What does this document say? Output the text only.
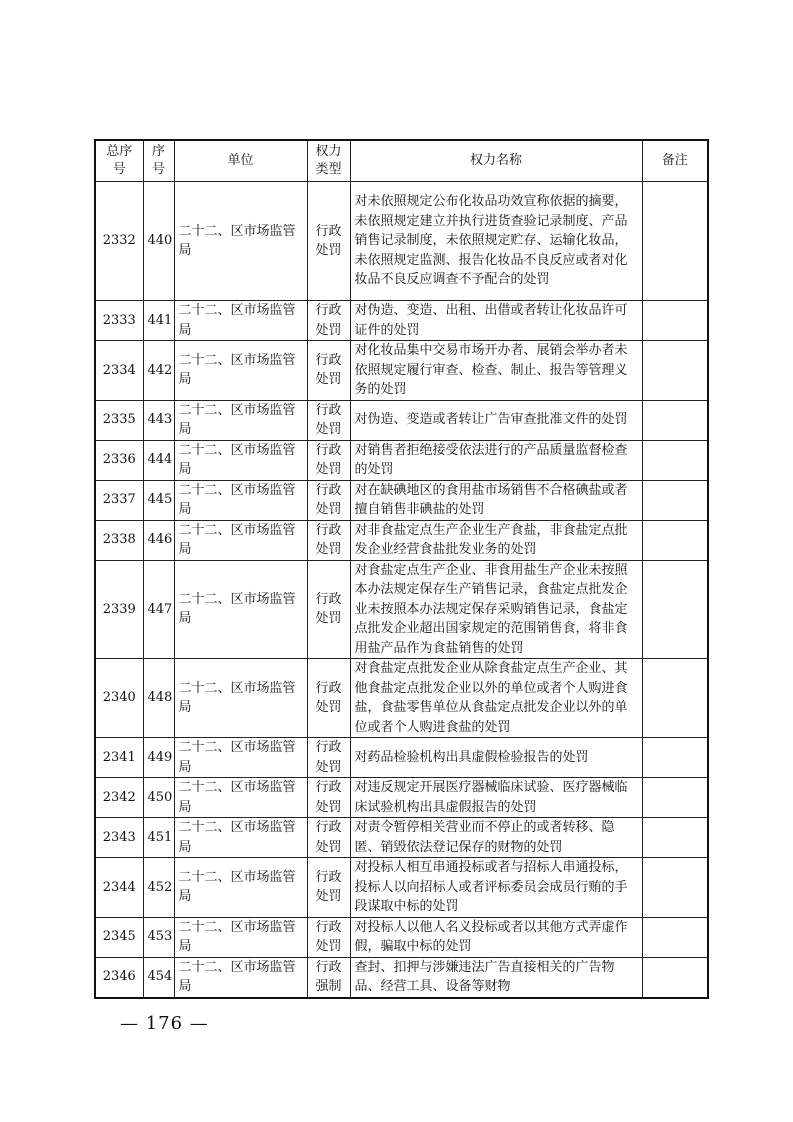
总序号	序号	单位	权力类型	权力名称	备注
2332	440	二十二、区市场监管局	行政处罚	对未依照规定公布化妆品功效宣称依据的摘要，未依照规定建立并执行进货查验记录制度、产品销售记录制度，未依照规定贮存、运输化妆品，未依照规定监测、报告化妆品不良反应或者对化妆品不良反应调查不予配合的处罚	
2333	441	二十二、区市场监管局	行政处罚	对伪造、变造、出租、出借或者转让化妆品许可证件的处罚	
2334	442	二十二、区市场监管局	行政处罚	对化妆品集中交易市场开办者、展销会举办者未依照规定履行审查、检查、制止、报告等管理义务的处罚	
2335	443	二十二、区市场监管局	行政处罚	对伪造、变造或者转让广告审查批准文件的处罚	
2336	444	二十二、区市场监管局	行政处罚	对销售者拒绝接受依法进行的产品质量监督检查的处罚	
2337	445	二十二、区市场监管局	行政处罚	对在缺碘地区的食用盐市场销售不合格碘盐或者擅自销售非碘盐的处罚	
2338	446	二十二、区市场监管局	行政处罚	对非食盐定点生产企业生产食盐，非食盐定点批发企业经营食盐批发业务的处罚	
2339	447	二十二、区市场监管局	行政处罚	对食盐定点生产企业、非食用盐生产企业未按照本办法规定保存生产销售记录，食盐定点批发企业未按照本办法规定保存采购销售记录，食盐定点批发企业超出国家规定的范围销售食，将非食用盐产品作为食盐销售的处罚	
2340	448	二十二、区市场监管局	行政处罚	对食盐定点批发企业从除食盐定点生产企业、其他食盐定点批发企业以外的单位或者个人购进食盐，食盐零售单位从食盐定点批发企业以外的单位或者个人购进食盐的处罚	
2341	449	二十二、区市场监管局	行政处罚	对药品检验机构出具虚假检验报告的处罚	
2342	450	二十二、区市场监管局	行政处罚	对违反规定开展医疗器械临床试验、医疗器械临床试验机构出具虚假报告的处罚	
2343	451	二十二、区市场监管局	行政处罚	对责令暂停相关营业而不停止的或者转移、隐匿、销毁依法登记保存的财物的处罚	
2344	452	二十二、区市场监管局	行政处罚	对投标人相互串通投标或者与招标人串通投标，投标人以向招标人或者评标委员会成员行贿的手段谋取中标的处罚	
2345	453	二十二、区市场监管局	行政处罚	对投标人以他人名义投标或者以其他方式弄虚作假，骗取中标的处罚	
2346	454	二十二、区市场监管局	行政强制	查封、扣押与涉嫌违法广告直接相关的广告物品、经营工具、设备等财物	
— 176 —
